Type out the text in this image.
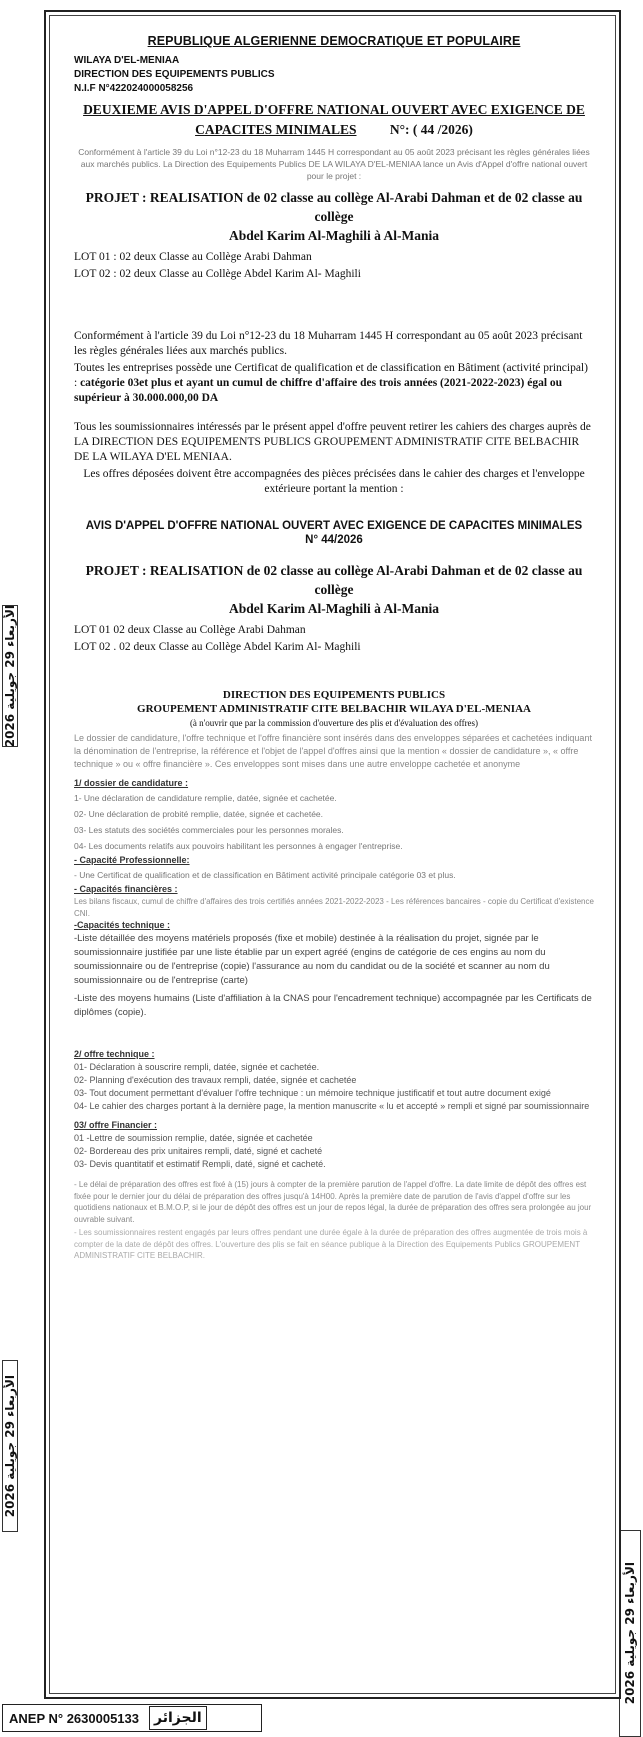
الأربعاء 29 جويلية 2026
الأربعاء 29 جويلية 2026
الأربعاء 29 جويلية 2026
REPUBLIQUE ALGERIENNE DEMOCRATIQUE ET POPULAIRE
WILAYA D'EL-MENIAA
DIRECTION DES EQUIPEMENTS PUBLICS
N.I.F N°422024000058256
DEUXIEME AVIS D'APPEL D'OFFRE NATIONAL OUVERT AVEC EXIGENCE DE
CAPACITES MINIMALES N°: ( 44 /2026)
Conformément à l'article 39 du Loi n°12-23 du 18 Muharram 1445 H correspondant au 05 août 2023 précisant les règles générales liées aux marchés publics. La Direction des Equipements Publics DE LA WILAYA D'EL-MENIAA lance un Avis d'Appel d'offre national ouvert pour le projet :
PROJET : REALISATION de 02 classe au collège Al-Arabi Dahman et de 02 classe au collège
Abdel Karim Al-Maghili à Al-Mania
LOT 01 : 02 deux Classe au Collège Arabi Dahman
LOT 02 : 02 deux Classe au Collège Abdel Karim Al- Maghili
Conformément à l'article 39 du Loi n°12-23 du 18 Muharram 1445 H correspondant au 05 août 2023 précisant les règles générales liées aux marchés publics.
Toutes les entreprises possède une Certificat de qualification et de classification en Bâtiment (activité principal) : catégorie 03et plus et ayant un cumul de chiffre d'affaire des trois années (2021-2022-2023) égal ou supérieur à 30.000.000,00 DA
Tous les soumissionnaires intéressés par le présent appel d'offre peuvent retirer les cahiers des charges auprès de LA DIRECTION DES EQUIPEMENTS PUBLICS GROUPEMENT ADMINISTRATIF CITE BELBACHIR DE LA WILAYA D'EL MENIAA.
Les offres déposées doivent être accompagnées des pièces précisées dans le cahier des charges et l'enveloppe extérieure portant la mention :
AVIS D'APPEL D'OFFRE NATIONAL OUVERT AVEC EXIGENCE DE CAPACITES MINIMALES
N° 44/2026
PROJET : REALISATION de 02 classe au collège Al-Arabi Dahman et de 02 classe au collège
Abdel Karim Al-Maghili à Al-Mania
LOT 01 02 deux Classe au Collège Arabi Dahman
LOT 02 . 02 deux Classe au Collège Abdel Karim Al- Maghili
DIRECTION DES EQUIPEMENTS PUBLICS
GROUPEMENT ADMINISTRATIF CITE BELBACHIR WILAYA D'EL-MENIAA
(à n'ouvrir que par la commission d'ouverture des plis et d'évaluation des offres)
Le dossier de candidature, l'offre technique et l'offre financière sont insérés dans des enveloppes séparées et cachetées indiquant la dénomination de l'entreprise, la référence et l'objet de l'appel d'offres ainsi que la mention « dossier de candidature », « offre technique » ou « offre financière ». Ces enveloppes sont mises dans une autre enveloppe cachetée et anonyme
1/ dossier de candidature :
1- Une déclaration de candidature remplie, datée, signée et cachetée.
02- Une déclaration de probité remplie, datée, signée et cachetée.
03- Les statuts des sociétés commerciales pour les personnes morales.
04- Les documents relatifs aux pouvoirs habilitant les personnes à engager l'entreprise.
- Capacité Professionnelle:
- Une Certificat de qualification et de classification en Bâtiment activité principale catégorie 03 et plus.
- Capacités financières :
Les bilans fiscaux, cumul de chiffre d'affaires des trois certifiés années 2021-2022-2023 - Les références bancaires - copie du Certificat d'existence CNI.
-Capacités technique :
-Liste détaillée des moyens matériels proposés (fixe et mobile) destinée à la réalisation du projet, signée par le soumissionnaire justifiée par une liste établie par un expert agréé (engins de catégorie de ces engins au nom du soumissionnaire ou de l'entreprise (copie) l'assurance au nom du candidat ou de la société et scanner au nom du soumissionnaire ou de l'entreprise (carte)
-Liste des moyens humains (Liste d'affiliation à la CNAS pour l'encadrement technique) accompagnée par les Certificats de diplômes (copie).
2/ offre technique :
01- Déclaration à souscrire rempli, datée, signée et cachetée.
02- Planning d'exécution des travaux rempli, datée, signée et cachetée
03- Tout document permettant d'évaluer l'offre technique : un mémoire technique justificatif et tout autre document exigé
04- Le cahier des charges portant à la dernière page, la mention manuscrite « lu et accepté » rempli et signé par soumissionnaire
03/ offre Financier :
01 -Lettre de soumission remplie, datée, signée et cachetée
02- Bordereau des prix unitaires rempli, daté, signé et cacheté
03- Devis quantitatif et estimatif Rempli, daté, signé et cacheté.
- Le délai de préparation des offres est fixé à (15) jours à compter de la première parution de l'appel d'offre. La date limite de dépôt des offres est fixée pour le dernier jour du délai de préparation des offres jusqu'à 14H00. Après la première date de parution de l'avis d'appel d'offre sur les quotidiens nationaux et B.M.O.P, si le jour de dépôt des offres est un jour de repos légal, la durée de préparation des offres sera prolongée au jour ouvrable suivant.
- Les soumissionnaires restent engagés par leurs offres pendant une durée égale à la durée de préparation des offres augmentée de trois mois à compter de la date de dépôt des offres. L'ouverture des plis se fait en séance publique à la Direction des Equipements Publics GROUPEMENT ADMINISTRATIF CITE BELBACHIR.
ANEP N° 2630005133	الجزائر
